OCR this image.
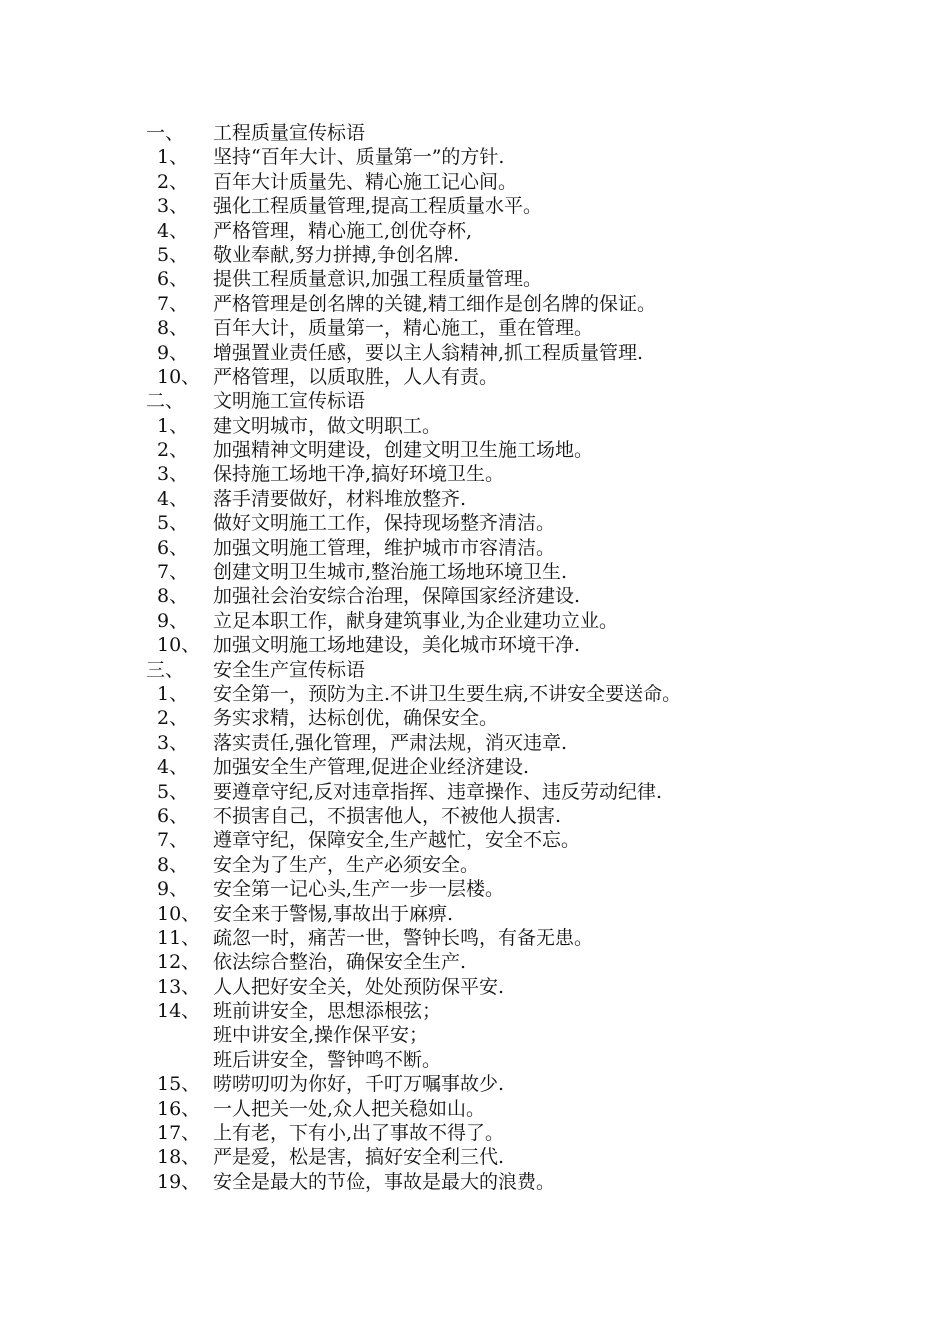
一、 工程质量宣传标语
1、 坚持“百年大计、质量第一”的方针.
2、 百年大计质量先、精心施工记心间。
3、 强化工程质量管理,提高工程质量水平。
4、 严格管理，精心施工,创优夺杯,
5、 敬业奉献,努力拼搏,争创名牌.
6、 提供工程质量意识,加强工程质量管理。
7、 严格管理是创名牌的关键,精工细作是创名牌的保证。
8、 百年大计，质量第一，精心施工，重在管理。
9、 增强置业责任感，要以主人翁精神,抓工程质量管理.
10、 严格管理，以质取胜，人人有责。
二、 文明施工宣传标语
1、 建文明城市，做文明职工。
2、 加强精神文明建设，创建文明卫生施工场地。
3、 保持施工场地干净,搞好环境卫生。
4、 落手清要做好，材料堆放整齐.
5、 做好文明施工工作，保持现场整齐清洁。
6、 加强文明施工管理，维护城市市容清洁。
7、 创建文明卫生城市,整治施工场地环境卫生.
8、 加强社会治安综合治理，保障国家经济建设.
9、 立足本职工作，献身建筑事业,为企业建功立业。
10、 加强文明施工场地建设，美化城市环境干净.
三、 安全生产宣传标语
1、 安全第一，预防为主.不讲卫生要生病,不讲安全要送命。
2、 务实求精，达标创优，确保安全。
3、 落实责任,强化管理，严肃法规，消灭违章.
4、 加强安全生产管理,促进企业经济建设.
5、 要遵章守纪,反对违章指挥、违章操作、违反劳动纪律.
6、 不损害自己，不损害他人，不被他人损害.
7、 遵章守纪，保障安全,生产越忙，安全不忘。
8、 安全为了生产，生产必须安全。
9、 安全第一记心头,生产一步一层楼。
10、 安全来于警惕,事故出于麻痹.
11、 疏忽一时，痛苦一世，警钟长鸣，有备无患。
12、 依法综合整治，确保安全生产.
13、 人人把好安全关，处处预防保平安.
14、 班前讲安全，思想添根弦；
班中讲安全,操作保平安；
班后讲安全，警钟鸣不断。
15、 唠唠叨叨为你好，千叮万嘱事故少.
16、 一人把关一处,众人把关稳如山。
17、 上有老，下有小,出了事故不得了。
18、 严是爱，松是害，搞好安全利三代.
19、 安全是最大的节俭，事故是最大的浪费。
